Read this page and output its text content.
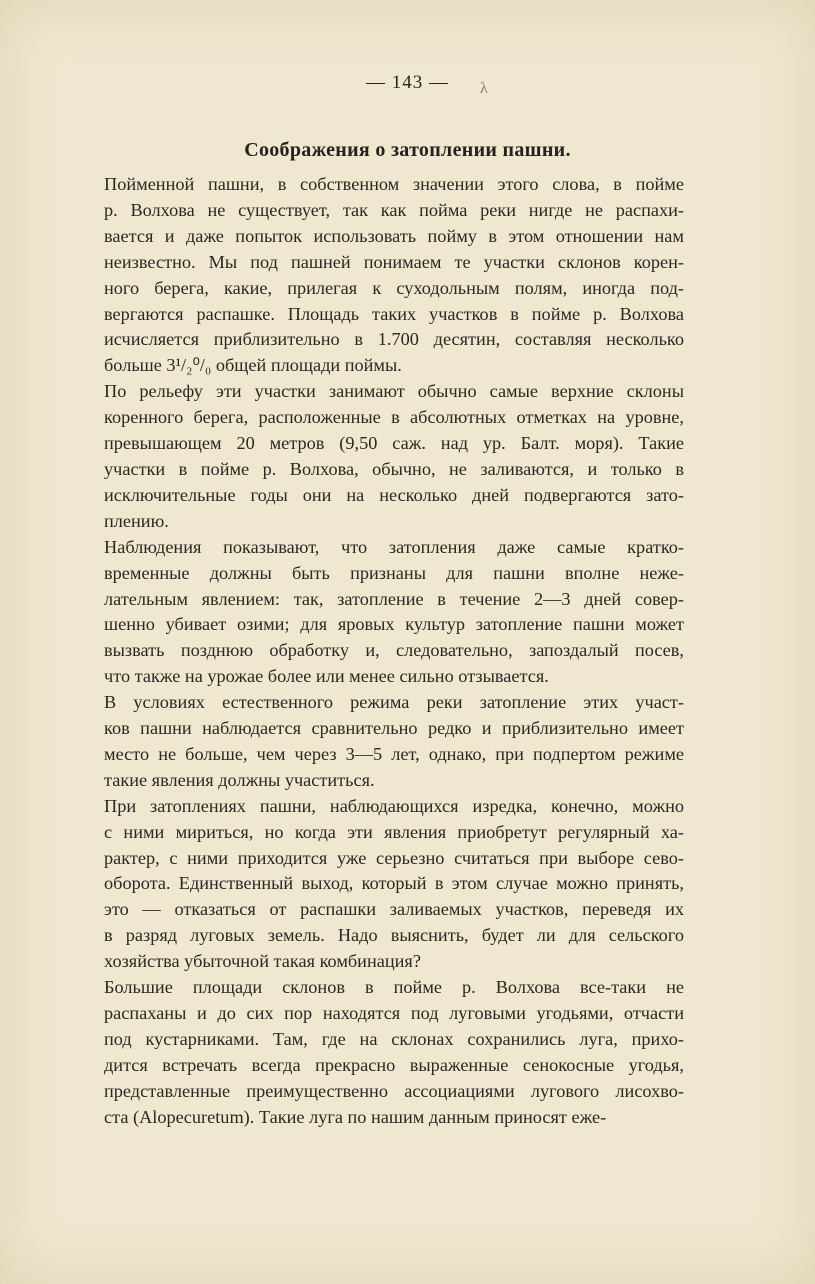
— 143 —	λ
Соображения о затоплении пашни.

Пойменной пашни, в собственном значении этого слова, в пойме
р. Волхова не существует, так как пойма реки нигде не распахи-
вается и даже попыток использовать пойму в этом отношении нам
неизвестно. Мы под пашней понимаем те участки склонов корен-
ного берега, какие, прилегая к суходольным полям, иногда под-
вергаются распашке. Площадь таких участков в пойме р. Волхова
исчисляется приблизительно в 1.700 десятин, составляя несколько
больше 3¹/₂⁰/₀ общей площади поймы.

По рельефу эти участки занимают обычно самые верхние склоны
коренного берега, расположенные в абсолютных отметках на уровне,
превышающем 20 метров (9,50 саж. над ур. Балт. моря). Такие
участки в пойме р. Волхова, обычно, не заливаются, и только в
исключительные годы они на несколько дней подвергаются зато-
плению.

Наблюдения показывают, что затопления даже самые кратко-
временные должны быть признаны для пашни вполне неже-
лательным явлением: так, затопление в течение 2—3 дней совер-
шенно убивает озими; для яровых культур затопление пашни может
вызвать позднюю обработку и, следовательно, запоздалый посев,
что также на урожае более или менее сильно отзывается.

В условиях естественного режима реки затопление этих участ-
ков пашни наблюдается сравнительно редко и приблизительно имеет
место не больше, чем через 3—5 лет, однако, при подпертом режиме
такие явления должны участиться.

При затоплениях пашни, наблюдающихся изредка, конечно, можно
с ними мириться, но когда эти явления приобретут регулярный ха-
рактер, с ними приходится уже серьезно считаться при выборе сево-
оборота. Единственный выход, который в этом случае можно принять,
это — отказаться от распашки заливаемых участков, переведя их
в разряд луговых земель. Надо выяснить, будет ли для сельского
хозяйства убыточной такая комбинация?

Большие площади склонов в пойме р. Волхова все-таки не
распаханы и до сих пор находятся под луговыми угодьями, отчасти
под кустарниками. Там, где на склонах сохранились луга, прихо-
дится встречать всегда прекрасно выраженные сенокосные угодья,
представленные преимущественно ассоциациями лугового лисохво-
ста (Alopecuretum). Такие луга по нашим данным приносят еже-
